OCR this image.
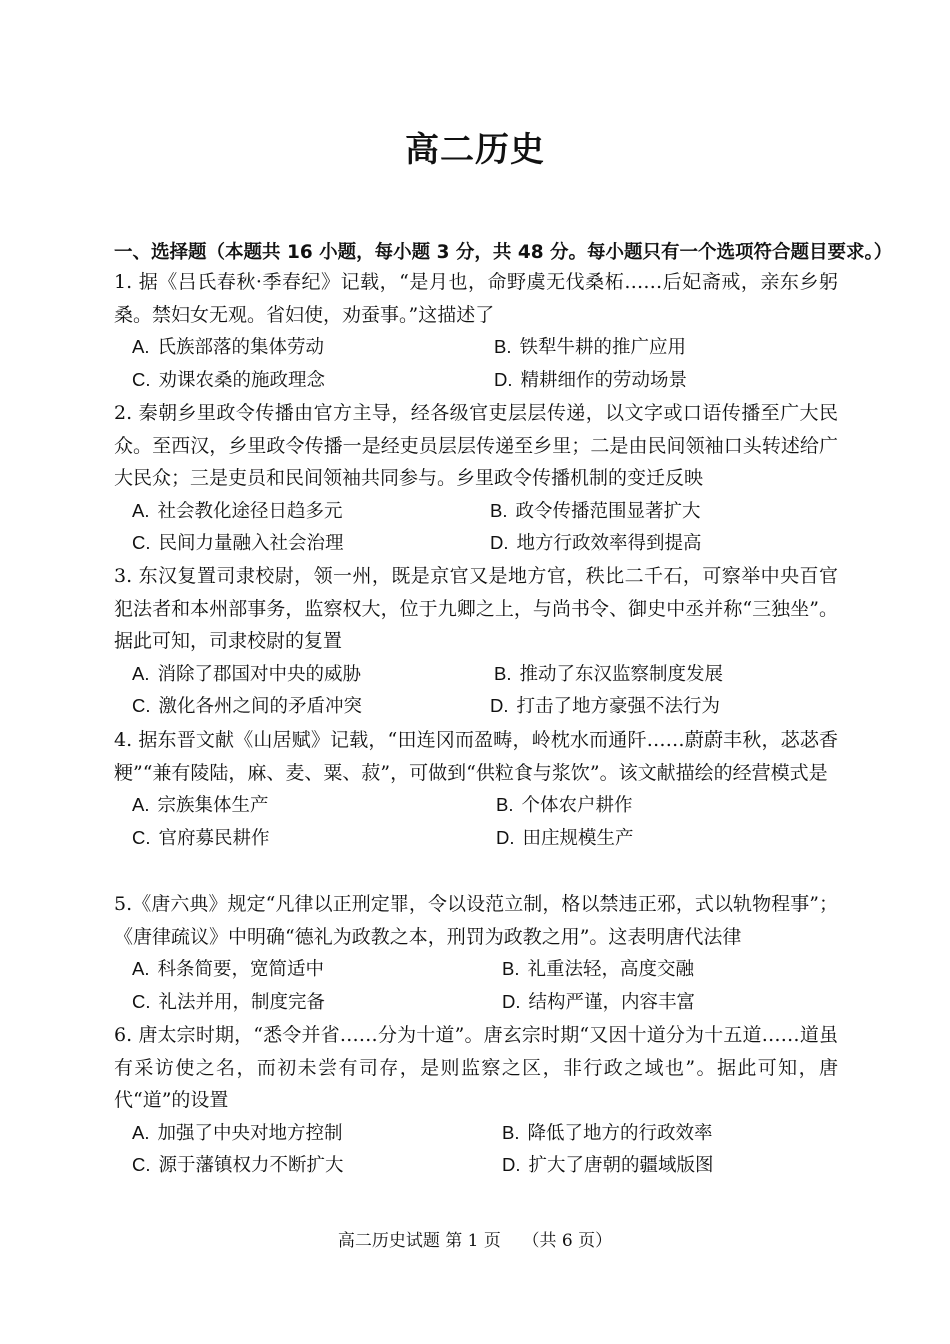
高二历史
一、选择题（本题共 16 小题，每小题 3 分，共 48 分。每小题只有一个选项符合题目要求。）
1. 据《吕氏春秋·季春纪》记载，“是月也，命野虞无伐桑柘……后妃斋戒，亲东乡躬桑。禁妇女无观。省妇使，劝蚕事。”这描述了
A. 氏族部落的集体劳动	B. 铁犁牛耕的推广应用
C. 劝课农桑的施政理念	D. 精耕细作的劳动场景
2. 秦朝乡里政令传播由官方主导，经各级官吏层层传递，以文字或口语传播至广大民众。至西汉，乡里政令传播一是经吏员层层传递至乡里；二是由民间领袖口头转述给广大民众；三是吏员和民间领袖共同参与。乡里政令传播机制的变迁反映
A. 社会教化途径日趋多元	B. 政令传播范围显著扩大
C. 民间力量融入社会治理	D. 地方行政效率得到提高
3. 东汉复置司隶校尉，领一州，既是京官又是地方官，秩比二千石，可察举中央百官犯法者和本州部事务，监察权大，位于九卿之上，与尚书令、御史中丞并称“三独坐”。据此可知，司隶校尉的复置
A. 消除了郡国对中央的威胁	B. 推动了东汉监察制度发展
C. 激化各州之间的矛盾冲突	D. 打击了地方豪强不法行为
4. 据东晋文献《山居赋》记载，“田连冈而盈畴，岭枕水而通阡……蔚蔚丰秋，苾苾香粳”“兼有陵陆，麻、麦、粟、菽”，可做到“供粒食与浆饮”。该文献描绘的经营模式是
A. 宗族集体生产	B. 个体农户耕作
C. 官府募民耕作	D. 田庄规模生产
5.《唐六典》规定“凡律以正刑定罪，令以设范立制，格以禁违正邪，式以轨物程事”；《唐律疏议》中明确“德礼为政教之本，刑罚为政教之用”。这表明唐代法律
A. 科条简要，宽简适中	B. 礼重法轻，高度交融
C. 礼法并用，制度完备	D. 结构严谨，内容丰富
6. 唐太宗时期，“悉令并省……分为十道”。唐玄宗时期“又因十道分为十五道……道虽有采访使之名，而初未尝有司存，是则监察之区，非行政之域也”。据此可知，唐代“道”的设置
A. 加强了中央对地方控制	B. 降低了地方的行政效率
C. 源于藩镇权力不断扩大	D. 扩大了唐朝的疆域版图
高二历史试题 第 1 页    （共 6 页）
